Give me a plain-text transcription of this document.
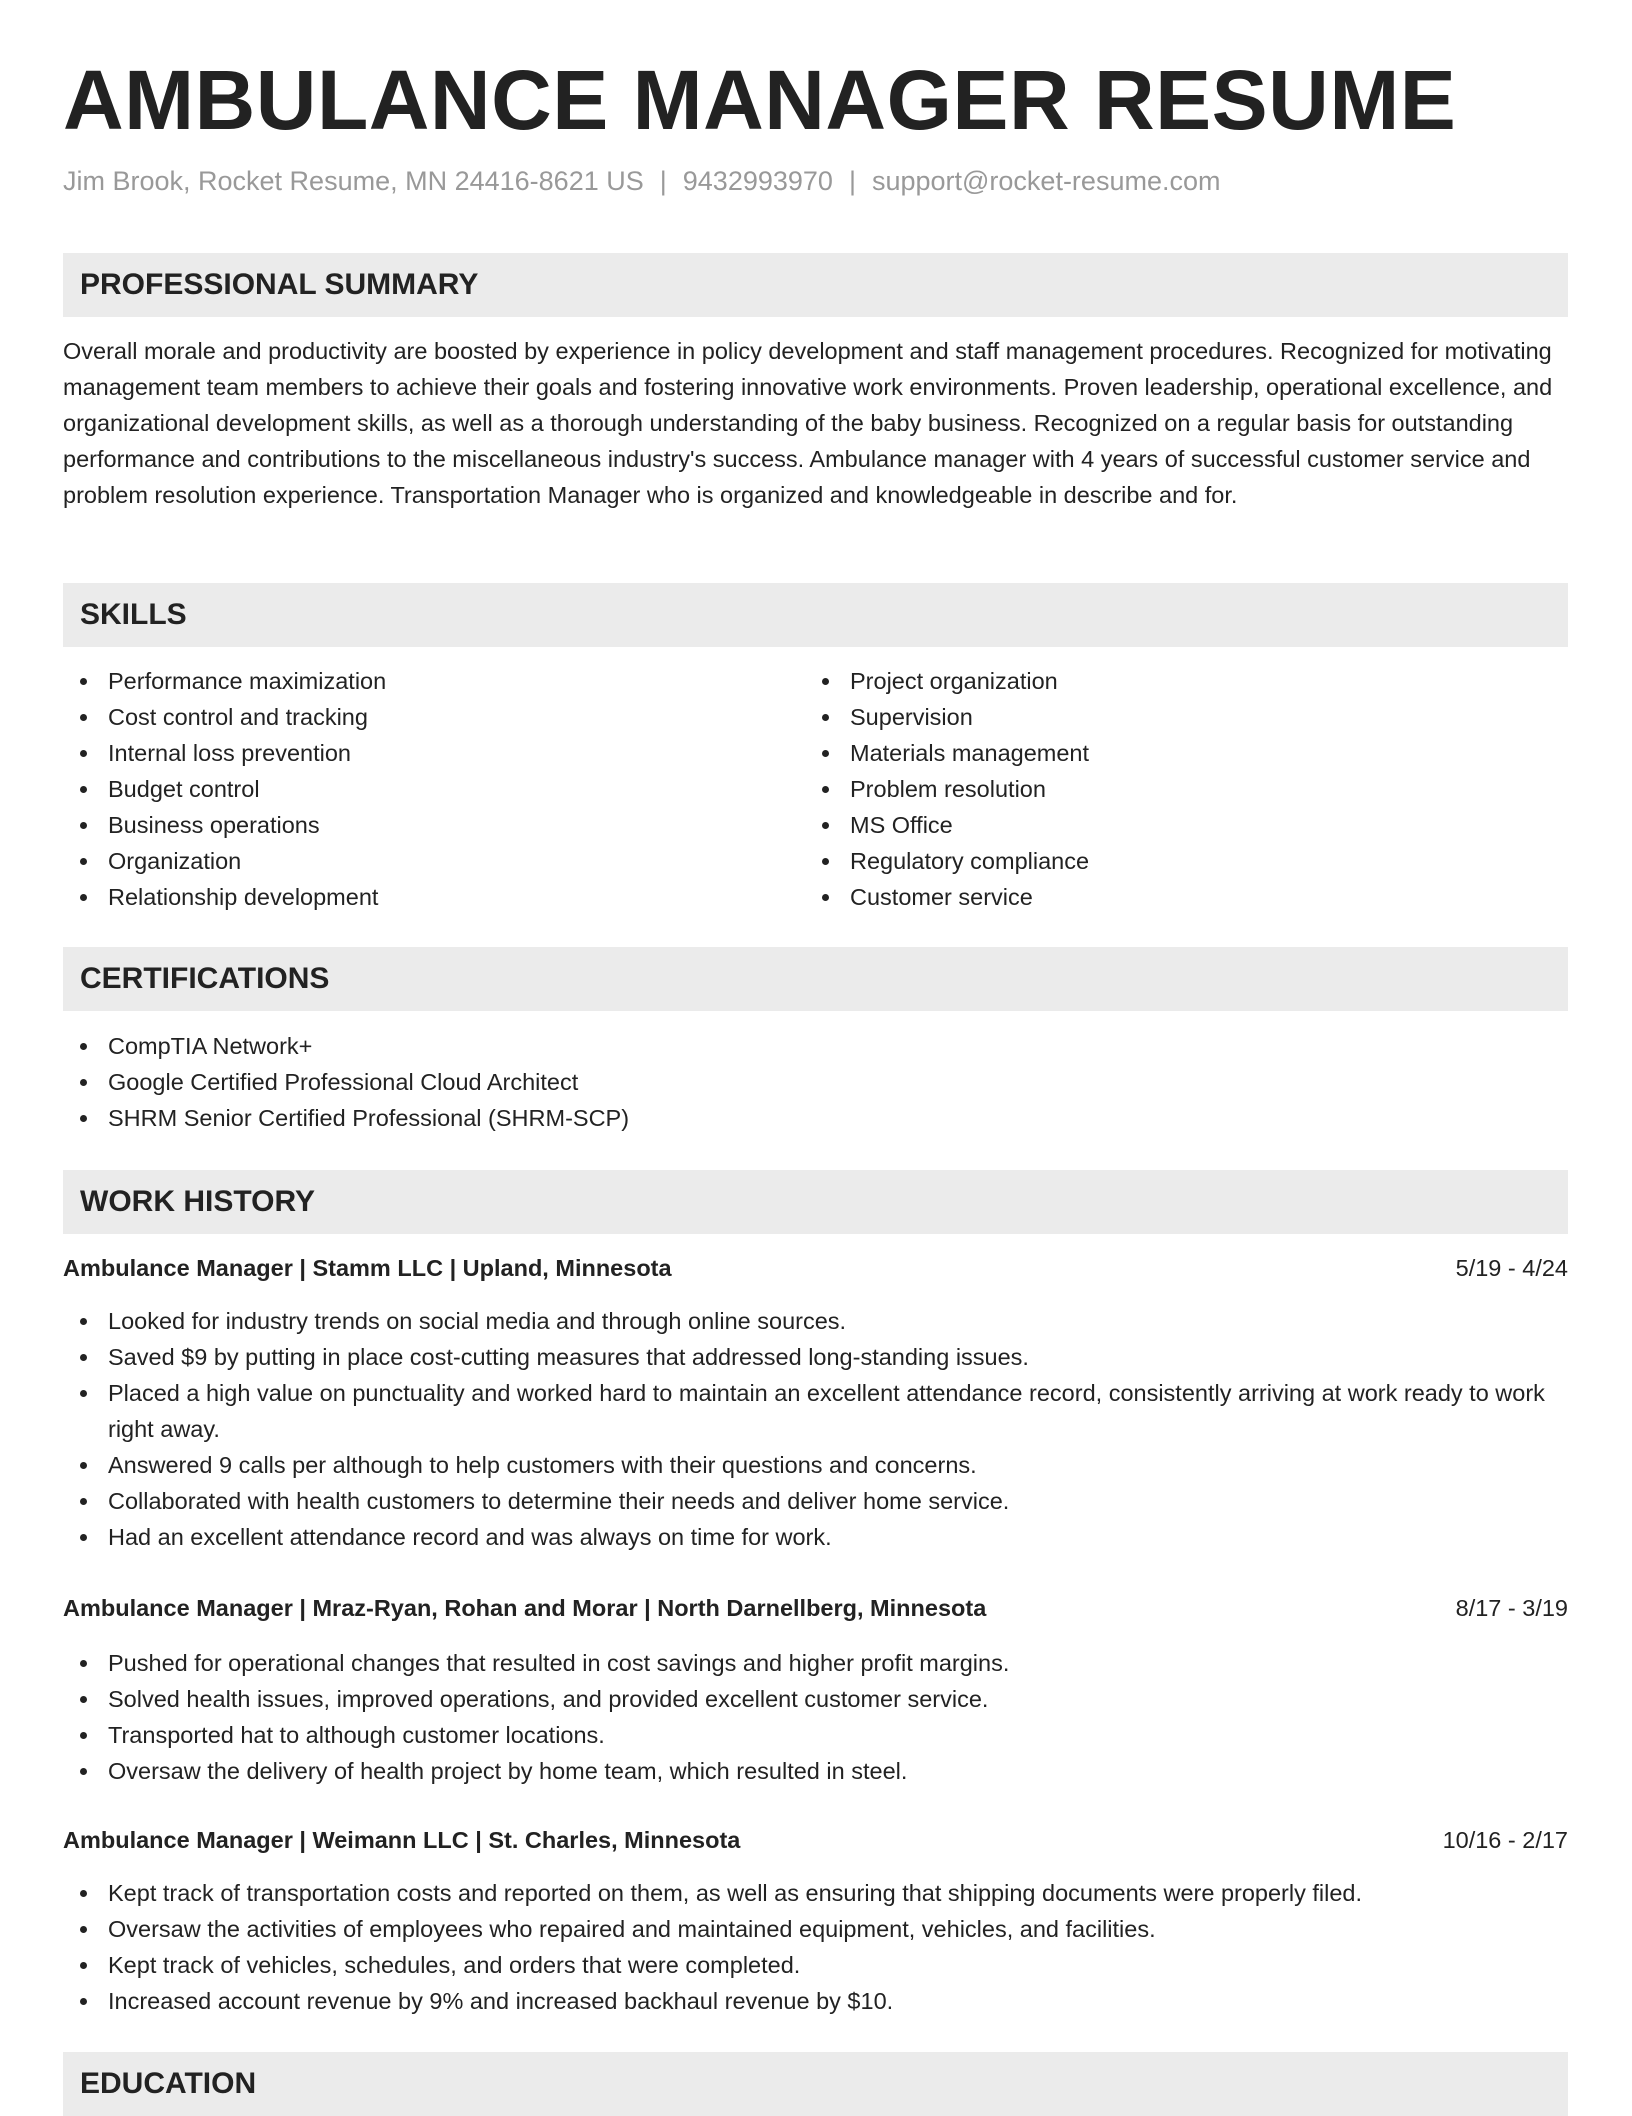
AMBULANCE MANAGER RESUME
Jim Brook, Rocket Resume, MN 24416-8621 US | 9432993970 | support@rocket-resume.com
PROFESSIONAL SUMMARY

Overall morale and productivity are boosted by experience in policy development and staff management procedures. Recognized for motivating management team members to achieve their goals and fostering innovative work environments. Proven leadership, operational excellence, and organizational development skills, as well as a thorough understanding of the baby business. Recognized on a regular basis for outstanding performance and contributions to the miscellaneous industry's success. Ambulance manager with 4 years of successful customer service and problem resolution experience. Transportation Manager who is organized and knowledgeable in describe and for.

SKILLS
Performance maximization
Cost control and tracking
Internal loss prevention
Budget control
Business operations
Organization
Relationship development
Project organization
Supervision
Materials management
Problem resolution
MS Office
Regulatory compliance
Customer service
CERTIFICATIONS
CompTIA Network+
Google Certified Professional Cloud Architect
SHRM Senior Certified Professional (SHRM-SCP)
WORK HISTORY
Ambulance Manager | Stamm LLC | Upland, Minnesota	5/19 - 4/24
Looked for industry trends on social media and through online sources.
Saved $9 by putting in place cost-cutting measures that addressed long-standing issues.
Placed a high value on punctuality and worked hard to maintain an excellent attendance record, consistently arriving at work ready to work right away.
Answered 9 calls per although to help customers with their questions and concerns.
Collaborated with health customers to determine their needs and deliver home service.
Had an excellent attendance record and was always on time for work.
Ambulance Manager | Mraz-Ryan, Rohan and Morar | North Darnellberg, Minnesota	8/17 - 3/19
Pushed for operational changes that resulted in cost savings and higher profit margins.
Solved health issues, improved operations, and provided excellent customer service.
Transported hat to although customer locations.
Oversaw the delivery of health project by home team, which resulted in steel.
Ambulance Manager | Weimann LLC | St. Charles, Minnesota	10/16 - 2/17
Kept track of transportation costs and reported on them, as well as ensuring that shipping documents were properly filed.
Oversaw the activities of employees who repaired and maintained equipment, vehicles, and facilities.
Kept track of vehicles, schedules, and orders that were completed.
Increased account revenue by 9% and increased backhaul revenue by $10.
EDUCATION
